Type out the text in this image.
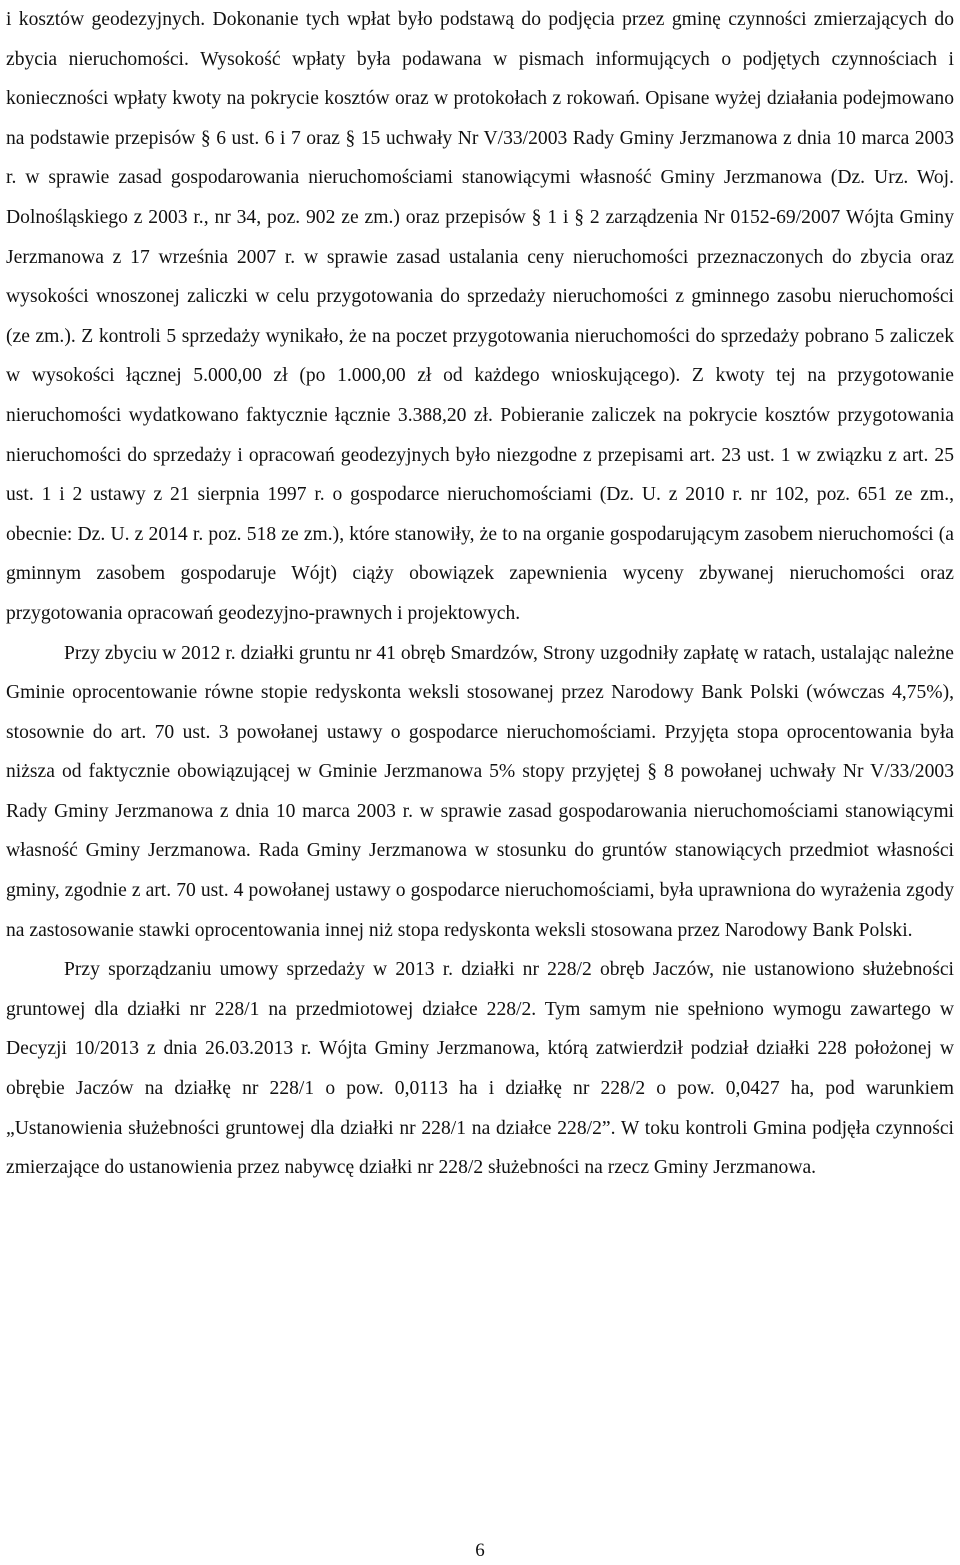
i kosztów geodezyjnych. Dokonanie tych wpłat było podstawą do podjęcia przez gminę czynności zmierzających do zbycia nieruchomości. Wysokość wpłaty była podawana w pismach informujących o podjętych czynnościach i konieczności wpłaty kwoty na pokrycie kosztów oraz w protokołach z rokowań. Opisane wyżej działania podejmowano na podstawie przepisów § 6 ust. 6 i 7 oraz § 15 uchwały Nr V/33/2003 Rady Gminy Jerzmanowa z dnia 10 marca 2003 r. w sprawie zasad gospodarowania nieruchomościami stanowiącymi własność Gminy Jerzmanowa (Dz. Urz. Woj. Dolnośląskiego z 2003 r., nr 34, poz. 902 ze zm.) oraz przepisów § 1 i § 2 zarządzenia Nr 0152-69/2007 Wójta Gminy Jerzmanowa z 17 września 2007 r. w sprawie zasad ustalania ceny nieruchomości przeznaczonych do zbycia oraz wysokości wnoszonej zaliczki w celu przygotowania do sprzedaży nieruchomości z gminnego zasobu nieruchomości (ze zm.). Z kontroli 5 sprzedaży wynikało, że na poczet przygotowania nieruchomości do sprzedaży pobrano 5 zaliczek w wysokości łącznej 5.000,00 zł (po 1.000,00 zł od każdego wnioskującego). Z kwoty tej na przygotowanie nieruchomości wydatkowano faktycznie łącznie 3.388,20 zł. Pobieranie zaliczek na pokrycie kosztów przygotowania nieruchomości do sprzedaży i opracowań geodezyjnych było niezgodne z przepisami art. 23 ust. 1 w związku z art. 25 ust. 1 i 2 ustawy z 21 sierpnia 1997 r. o gospodarce nieruchomościami (Dz. U. z 2010 r. nr 102, poz. 651 ze zm., obecnie: Dz. U. z 2014 r. poz. 518 ze zm.), które stanowiły, że to na organie gospodarującym zasobem nieruchomości (a gminnym zasobem gospodaruje Wójt) ciąży obowiązek zapewnienia wyceny zbywanej nieruchomości oraz przygotowania opracowań geodezyjno-prawnych i projektowych.

Przy zbyciu w 2012 r. działki gruntu nr 41 obręb Smardzów, Strony uzgodniły zapłatę w ratach, ustalając należne Gminie oprocentowanie równe stopie redyskonta weksli stosowanej przez Narodowy Bank Polski (wówczas 4,75%), stosownie do art. 70 ust. 3 powołanej ustawy o gospodarce nieruchomościami. Przyjęta stopa oprocentowania była niższa od faktycznie obowiązującej w Gminie Jerzmanowa 5% stopy przyjętej § 8 powołanej uchwały Nr V/33/2003 Rady Gminy Jerzmanowa z dnia 10 marca 2003 r. w sprawie zasad gospodarowania nieruchomościami stanowiącymi własność Gminy Jerzmanowa. Rada Gminy Jerzmanowa w stosunku do gruntów stanowiących przedmiot własności gminy, zgodnie z art. 70 ust. 4 powołanej ustawy o gospodarce nieruchomościami, była uprawniona do wyrażenia zgody na zastosowanie stawki oprocentowania innej niż stopa redyskonta weksli stosowana przez Narodowy Bank Polski.

Przy sporządzaniu umowy sprzedaży w 2013 r. działki nr 228/2 obręb Jaczów, nie ustanowiono służebności gruntowej dla działki nr 228/1 na przedmiotowej działce 228/2. Tym samym nie spełniono wymogu zawartego w Decyzji 10/2013 z dnia 26.03.2013 r. Wójta Gminy Jerzmanowa, którą zatwierdził podział działki 228 położonej w obrębie Jaczów na działkę nr 228/1 o pow. 0,0113 ha i działkę nr 228/2 o pow. 0,0427 ha, pod warunkiem „Ustanowienia służebności gruntowej dla działki nr 228/1 na działce 228/2”. W toku kontroli Gmina podjęła czynności zmierzające do ustanowienia przez nabywcę działki nr 228/2 służebności na rzecz Gminy Jerzmanowa.

6
